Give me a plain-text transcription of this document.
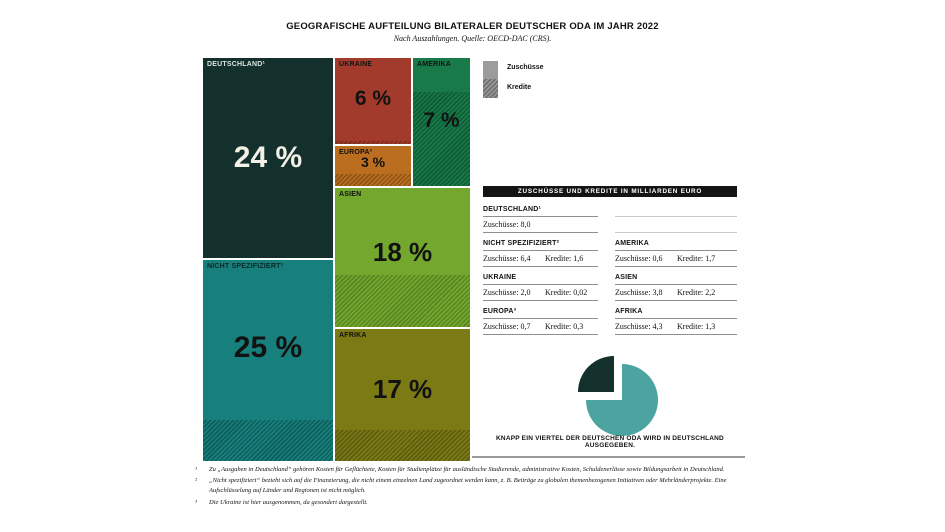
GEOGRAFISCHE AUFTEILUNG BILATERALER DEUTSCHER ODA IM JAHR 2022
Nach Auszahlungen. Quelle: OECD-DAC (CRS).
DEUTSCHLAND¹
24 %
NICHT SPEZIFIZIERT²
25 %
UKRAINE
6 %
EUROPA³
3 %
AMERIKA
7 %
ASIEN
18 %
AFRIKA
17 %
Zuschüsse
Kredite
ZUSCHÜSSE UND KREDITE IN MILLIARDEN EURO
DEUTSCHLAND¹
Zuschüsse: 8,0
NICHT SPEZIFIZIERT²
Zuschüsse: 6,4	Kredite: 1,6
AMERIKA
Zuschüsse: 0,6	Kredite: 1,7
UKRAINE
Zuschüsse: 2,0	Kredite: 0,02
ASIEN
Zuschüsse: 3,8	Kredite: 2,2
EUROPA³
Zuschüsse: 0,7	Kredite: 0,3
AFRIKA
Zuschüsse: 4,3	Kredite: 1,3
KNAPP EIN VIERTEL DER DEUTSCHEN ODA WIRD IN DEUTSCHLAND AUSGEGEBEN.
¹	Zu „Ausgaben in Deutschland“ gehören Kosten für Geflüchtete, Kosten für Studienplätze für ausländische Studierende, administrative Kosten, Schuldenerlässe sowie Bildungsarbeit in Deutschland.
²	„Nicht spezifiziert“ bezieht sich auf die Finanzierung, die nicht einem einzelnen Land zugeordnet werden kann, z. B. Beiträge zu globalen themenbezogenen Initiativen oder Mehrländerprojekte. Eine Aufschlüsselung auf Länder und Regionen ist nicht möglich.
³	Die Ukraine ist hier ausgenommen, da gesondert dargestellt.
